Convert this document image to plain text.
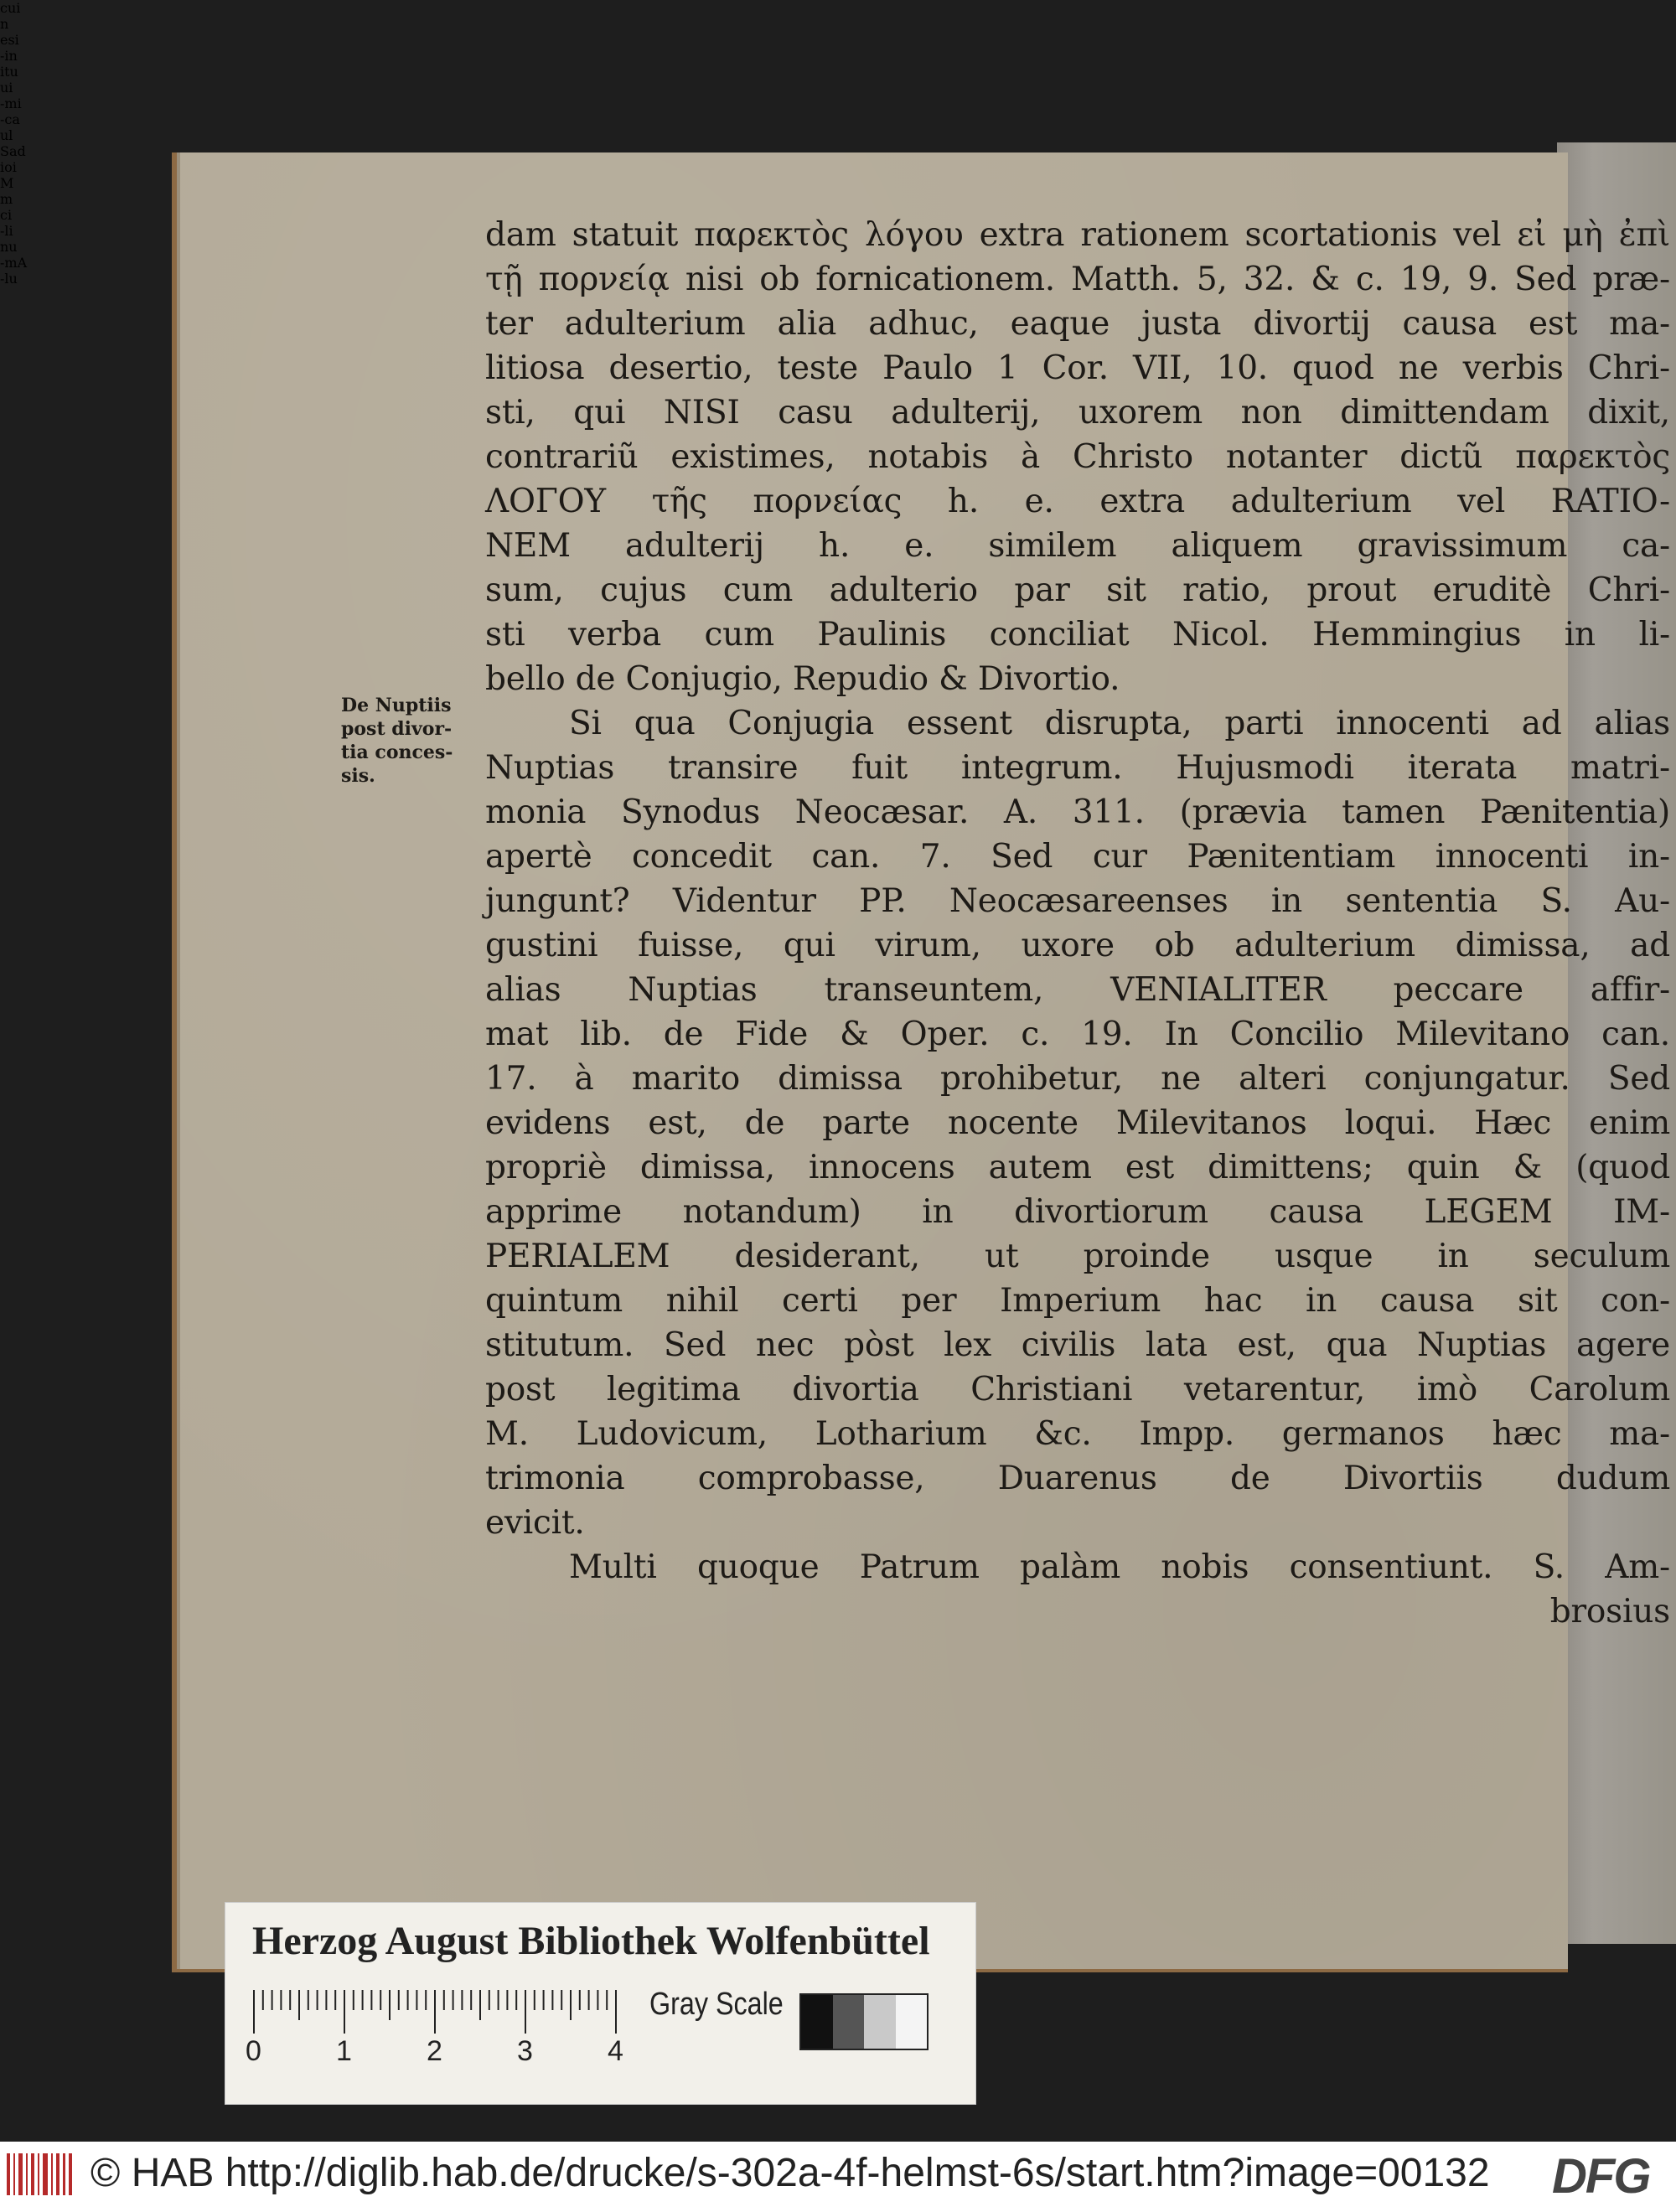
cui
n
esi
-in
itu
ui
-mi
-ca
ul
Sad
ioi
M
m
ci
-li
nu
-mA
-lu
De Nuptiis
post divor-
tia conces-
sis.
dam statuit παρεκτὸς λόγου extra rationem scortationis vel εἰ μὴ ἐπὶ
τῇ πορνείᾳ nisi ob fornicationem. Matth. 5, 32. & c. 19, 9. Sed præ-
ter adulterium alia adhuc, eaque justa divortij causa est ma-
litiosa desertio, teste Paulo 1 Cor. VII, 10. quod ne verbis Chri-
sti, qui NISI casu adulterij, uxorem non dimittendam dixit,
contrariũ existimes, notabis à Christo notanter dictũ παρεκτὸς
ΛΟΓΟΥ τῆς πορνείας h. e. extra adulterium vel RATIO-
NEM adulterij h. e. similem aliquem gravissimum ca-
sum, cujus cum adulterio par sit ratio, prout eruditè Chri-
sti verba cum Paulinis conciliat Nicol. Hemmingius in li-
bello de Conjugio, Repudio & Divortio.
Si qua Conjugia essent disrupta, parti innocenti ad alias
Nuptias transire fuit integrum. Hujusmodi iterata matri-
monia Synodus Neocæsar. A. 311. (prævia tamen Pænitentia)
apertè concedit can. 7. Sed cur Pænitentiam innocenti in-
jungunt? Videntur PP. Neocæsareenses in sententia S. Au-
gustini fuisse, qui virum, uxore ob adulterium dimissa, ad
alias Nuptias transeuntem, VENIALITER peccare affir-
mat lib. de Fide & Oper. c. 19. In Concilio Milevitano can.
17. à marito dimissa prohibetur, ne alteri conjungatur. Sed
evidens est, de parte nocente Milevitanos loqui. Hæc enim
propriè dimissa, innocens autem est dimittens; quin & (quod
apprime notandum) in divortiorum causa LEGEM IM-
PERIALEM desiderant, ut proinde usque in seculum
quintum nihil certi per Imperium hac in causa sit con-
stitutum. Sed nec pòst lex civilis lata est, qua Nuptias agere
post legitima divortia Christiani vetarentur, imò Carolum
M. Ludovicum, Lotharium &c. Impp. germanos hæc ma-
trimonia comprobasse, Duarenus de Divortiis dudum
evicit.
Multi quoque Patrum palàm nobis consentiunt. S. Am-
brosius
Herzog August Bibliothek Wolfenbüttel
0	1	2	3	4
Gray Scale
© HAB http://diglib.hab.de/drucke/s-302a-4f-helmst-6s/start.htm?image=00132 DFG
